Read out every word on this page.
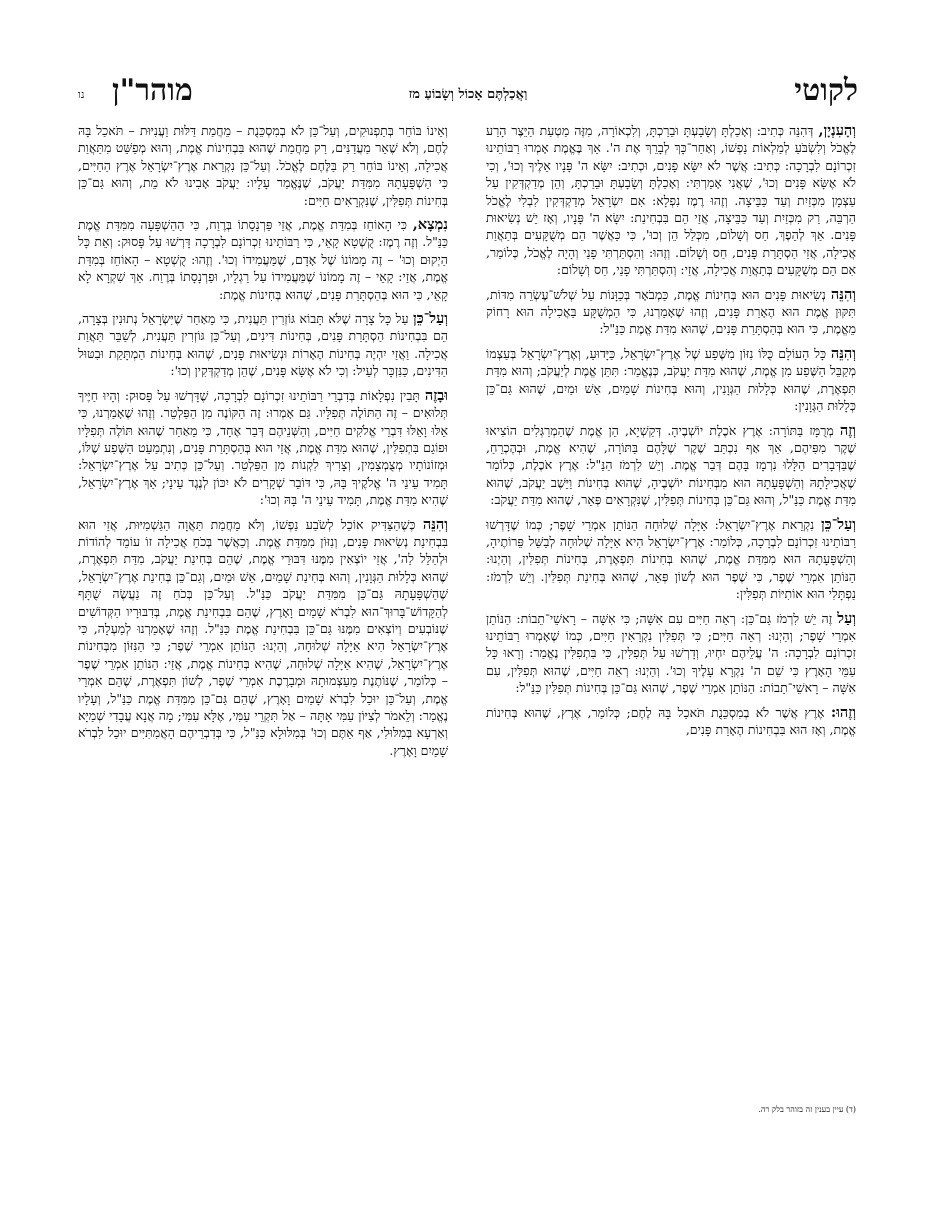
לקוטי
וַאֲכַלְתֶּם אָכוֹל וְשָׂבוֹעַ מז
מוהר"ן
נו

וְהָעִנְיָן, דְּהִנֵּה כְּתִיב: וְאָכַלְתָּ וְשָׂבָעְתָּ וּבֵרַכְתָּ, וְלִכְאוֹרָה, מִזֶּה מַטְעַת הַיֵּצֶר הָרַע לֶאֱכֹל וְלִשְׂבֹּעַ לְמַלְאוֹת נַפְשׁוֹ, וְאַחַר־כָּךְ לְבָרֵךְ אֶת ה'. אַךְ בֶּאֱמֶת אָמְרוּ רַבּוֹתֵינוּ זִכְרוֹנָם לִבְרָכָה: כְּתִיב: אֲשֶׁר לֹא יִשָּׂא פָנִים, וּכְתִיב: יִשָּׂא ה' פָּנָיו אֵלֶיךָ וְכוּ', וְכִי לֹא אֶשָּׂא פָּנִים וְכוּ', שֶׁאֲנִי אָמַרְתִּי: וְאָכַלְתָּ וְשָׂבָעְתָּ וּבֵרַכְתָּ, וְהֵן מְדַקְדְּקִין עַל עַצְמָן מִכְּזַיִת וְעַד כַּבֵּיצָה. וְזֶהוּ רֶמֶז נִפְלָא: אִם יִשְׂרָאֵל מְדַקְדְּקִין לִבְלִי לֶאֱכֹל הַרְבֵּה, רַק מִכְּזַיִת וְעַד כַּבֵּיצָה, אֲזַי הֵם בִּבְחִינַת: יִשָּׂא ה' פָּנָיו, וְאָז יֵשׁ נְשִׂיאוּת פָּנִים. אַךְ לְהֵפֶךְ, חַס וְשָׁלוֹם, מִכְּלַל הֵן וְכוּ', כִּי כַּאֲשֶׁר הֵם מְשֻׁקָּעִים בְּתַאֲוַת אֲכִילָה, אֲזַי הַסְתָּרַת פָּנִים, חַס וְשָׁלוֹם. וְזֶהוּ: וְהִסְתַּרְתִּי פָנַי וְהָיָה לֶאֱכֹל, כְּלוֹמַר, אִם הֵם מְשֻׁקָּעִים בְּתַאֲוַת אֲכִילָה, אֲזַי: וְהִסְתַּרְתִּי פָנַי, חַס וְשָׁלוֹם:

וְהִנֵּה נְשִׂיאוּת פָּנִים הוּא בְּחִינוֹת אֱמֶת, כַּמְבֹאָר בְּכַוָּנוֹת עַל שְׁלֹשׁ־עֶשְׂרֵה מִדּוֹת, תִּקּוּן אֱמֶת הוּא הֶאָרַת פָּנִים, וְזֶהוּ שֶׁאָמַרְנוּ, כִּי הַמְשֻׁקָּע בַּאֲכִילָה הוּא רָחוֹק מֵאֱמֶת, כִּי הוּא בְּהַסְתָּרַת פָּנִים, שֶׁהוּא מִדַּת אֱמֶת כַּנַּ"ל:

וְהִנֵּה כָּל הָעוֹלָם כֻּלּוֹ נִזּוֹן מִשֶּׁפַע שֶׁל אֶרֶץ־יִשְׂרָאֵל, כַּיָּדוּעַ, וְאֶרֶץ־יִשְׂרָאֵל בְּעַצְמוֹ מְקַבֵּל הַשֶּׁפַע מִן אֱמֶת, שֶׁהוּא מִדַּת יַעֲקֹב, כְּנֶאֱמַר: תִּתֵּן אֱמֶת לְיַעֲקֹב; וְהוּא מִדַּת תִּפְאֶרֶת, שֶׁהוּא כְּלָלוּת הַגְּוָנִין, וְהוּא בְּחִינוֹת שָׁמַיִם, אֵשׁ וּמַיִם, שֶׁהוּא גַּם־כֵּן כְּלָלוּת הַגְּוָנִין:

וְזֶה מְרֻמָּז בַּתּוֹרָה: אֶרֶץ אֹכֶלֶת יוֹשְׁבֶיהָ. דְּקַשְׁיָא, הֵן אֱמֶת שֶׁהַמְרַגְּלִים הוֹצִיאוּ שֶׁקֶר מִפִּיהֶם, אַךְ אַף נִכְתַּב שֶׁקֶר שֶׁלָּהֶם בַּתּוֹרָה, שֶׁהִיא אֱמֶת, וּבְהֶכְרֵחַ, שֶׁבַּדְּבָרִים הַלָּלוּ נִרְמָז בָּהֶם דְּבַר אֱמֶת. וְיֵשׁ לִרְמֹז הַנַּ"ל: אֶרֶץ אֹכֶלֶת, כְּלוֹמַר שֶׁאֲכִילָתָהּ וְהַשְׁפָּעָתָהּ הוּא מִבְּחִינוֹת יוֹשְׁבֶיהָ, שֶׁהוּא בְּחִינוֹת וַיֵּשֶׁב יַעֲקֹב, שֶׁהוּא מִדַּת אֱמֶת כַּנַּ"ל, וְהוּא גַּם־כֵּן בְּחִינוֹת תְּפִלִּין, שֶׁנִּקְרָאִים פְּאֵר, שֶׁהוּא מִדַּת יַעֲקֹב:

וְעַל־כֵּן נִקְרֵאת אֶרֶץ־יִשְׂרָאֵל: אַיָּלָה שְׁלוּחָה הַנּוֹתֵן אִמְרֵי שָׁפֶר; כְּמוֹ שֶׁדָּרְשׁוּ רַבּוֹתֵינוּ זִכְרוֹנָם לִבְרָכָה, כְּלוֹמַר: אֶרֶץ־יִשְׂרָאֵל הִיא אַיָּלָה שְׁלוּחָה לְבַשֵּׁל פֵּרוֹתֶיהָ, וְהַשְׁפָּעָתָהּ הוּא מִמִּדַּת אֱמֶת, שֶׁהוּא בְּחִינוֹת תִּפְאֶרֶת, בְּחִינוֹת תְּפִלִּין, וְהַיְנוּ: הַנּוֹתֵן אִמְרֵי שֶׁפֶר, כִּי שֶׁפֶר הוּא לְשׁוֹן פְּאֵר, שֶׁהוּא בְּחִינַת תְּפִלִּין. וְיֵשׁ לִרְמֹז: נַפְתָּלִי הוּא אוֹתִיּוֹת תְּפִלִּין:

וְעַל זֶה יֵשׁ לִרְמֹז גַּם־כֵּן: רְאֵה חַיִּים עִם אִשָּׁה; כִּי אִשָּׁה – רָאשֵׁי־תֵבוֹת: הַנּוֹתֵן אִמְרֵי שָׁפֶר; וְהַיְנוּ: רְאֵה חַיִּים; כִּי תְּפִלִּין נִקְרָאִין חַיִּים, כְּמוֹ שֶׁאָמְרוּ רַבּוֹתֵינוּ זִכְרוֹנָם לִבְרָכָה: ה' עֲלֵיהֶם יִחְיוּ, וְדָרְשׁוּ עַל תְּפִלִּין, כִּי בִּתְפִלִּין נֶאֱמַר: וְרָאוּ כָּל עַמֵּי הָאָרֶץ כִּי שֵׁם ה' נִקְרָא עָלֶיךָ וְכוּ'. וְהַיְנוּ: רְאֵה חַיִּים, שֶׁהוּא תְּפִלִּין, עִם אִשָּׁה – רָאשֵׁי־תֵבוֹת: הַנּוֹתֵן אִמְרֵי שֶׁפֶר, שֶׁהוּא גַּם־כֵּן בְּחִינוֹת תְּפִלִּין כַּנַּ"ל:

וְזֶהוּ: אֶרֶץ אֲשֶׁר לֹא בְמִסְכֵּנֻת תֹּאכַל בָּהּ לֶחֶם; כְּלוֹמַר, אֶרֶץ, שֶׁהוּא בְּחִינוֹת אֱמֶת, וְאָז הוּא בִּבְחִינוֹת הֶאָרַת פָּנִים,

וְאֵינוֹ בּוֹחֵר בְּתַפְנוּקִים, וְעַל־כֵּן לֹא בְמִסְכֵּנֻת – מֵחֲמַת דַּלּוּת וַעֲנִיּוּת – תֹּאכַל בָּהּ לֶחֶם, וְלֹא שֶׁאֵר מַעֲדַנִּים, רַק מֵחֲמַת שֶׁהוּא בִּבְחִינוֹת אֱמֶת, וְהוּא מְפַשֵּׁט מִתַּאֲוַת אֲכִילָה, וְאֵינוֹ בּוֹחֵר רַק בַּלֶּחֶם לֶאֱכֹל. וְעַל־כֵּן נִקְרֵאת אֶרֶץ־יִשְׂרָאֵל אֶרֶץ הַחַיִּים, כִּי הַשְׁפָּעָתָהּ מִמִּדַּת יַעֲקֹב, שֶׁנֶּאֱמַר עָלָיו: יַעֲקֹב אָבִינוּ לֹא מֵת, וְהוּא גַּם־כֵּן בְּחִינוֹת תְּפִלִּין, שֶׁנִּקְרָאִים חַיִּים:

נִמְצָא, כִּי הָאוֹחֵז בְּמִדַּת אֱמֶת, אֲזַי פַּרְנָסָתוֹ בְּרֶוַח, כִּי הַהַשְׁפָּעָה מִמִּדַּת אֱמֶת כַּנַּ"ל. וְזֶה רֶמֶז: קֻשְׁטָא קָאֵי, כִּי רַבּוֹתֵינוּ זִכְרוֹנָם לִבְרָכָה דָּרְשׁוּ עַל פָּסוּק: וְאֵת כָּל הַיְקוּם וְכוּ' – זֶה מָמוֹנוֹ שֶׁל אָדָם, שֶׁמַּעֲמִידוֹ וְכוּ'. וְזֶהוּ: קֻשְׁטָא – הָאוֹחֵז בְּמִדַּת אֱמֶת, אֲזַי: קָאֵי – זֶה מָמוֹנוֹ שֶׁמַּעֲמִידוֹ עַל רַגְלָיו, וּפַרְנָסָתוֹ בְּרֶוַח. אַךְ שִׁקְרָא לָא קָאֵי, כִּי הוּא בְּהַסְתָּרַת פָּנִים, שֶׁהוּא בְּחִינוֹת אֱמֶת:

וְעַל־כֵּן עַל כָּל צָרָה שֶׁלֹּא תָּבוֹא גּוֹזְרִין תַּעֲנִית, כִּי מֵאַחַר שֶׁיִּשְׂרָאֵל נְתוּנִין בְּצָרָה, הֵם בִּבְחִינוֹת הַסְתָּרַת פָּנִים, בְּחִינוֹת דִּינִים, וְעַל־כֵּן גּוֹזְרִין תַּעֲנִית, לְשַׁבֵּר תַּאֲוַת אֲכִילָה. וַאֲזַי יִהְיֶה בְּחִינוֹת הֶאָרוֹת וּנְשִׂיאוּת פָּנִים, שֶׁהוּא בְּחִינוֹת הַמְתָּקַת וּבִטּוּל הַדִּינִים, כַּנִּזְכָּר לְעֵיל: וְכִי לֹא אֶשָּׂא פָּנִים, שֶׁהֵן מְדַקְדְּקִין וְכוּ':

וּבָזֶה תָּבִין נִפְלָאוֹת בְּדִבְרֵי רַבּוֹתֵינוּ זִכְרוֹנָם לִבְרָכָה, שֶׁדָּרְשׁוּ עַל פָּסוּק: וְהָיוּ חַיֶּיךָ תְּלוּאִים – זֶה הַתּוֹלֶה תְּפִלָּיו. גַּם אָמְרוּ: זֶה הַקּוֹנֶה מִן הַפַּלְטֵר. וְזֶהוּ שֶׁאָמַרְנוּ, כִּי אֵלּוּ וָאֵלּוּ דִּבְרֵי אֱלֹקִים חַיִּים, וְהַשְּׁנֵיהֶם דְּבַר אֶחָד, כִּי מֵאַחַר שֶׁהוּא תּוֹלֶה תְּפִלָּיו וּפוֹגֵם בִּתְפִלִּין, שֶׁהוּא מִדַּת אֱמֶת, אֲזַי הוּא בְּהַסְתָּרַת פָּנִים, וְנִתְמַעֵט הַשֶּׁפַע שֶׁלּוֹ, וּמְזוֹנוֹתָיו מְצֻמְצָמִין, וְצָרִיךְ לִקְנוֹת מִן הַפַּלְטֵר. וְעַל־כֵּן כְּתִיב עַל אֶרֶץ־יִשְׂרָאֵל: תָּמִיד עֵינֵי ה' אֱלֹקֶיךָ בָּהּ, כִּי דּוֹבֵר שְׁקָרִים לֹא יִכּוֹן לְנֶגֶד עֵינָי; אַךְ אֶרֶץ־יִשְׂרָאֵל, שֶׁהִיא מִדַּת אֱמֶת, תָּמִיד עֵינֵי ה' בָּהּ וְכוּ':

וְהִנֵּה כְּשֶׁהַצַּדִּיק אוֹכֵל לְשֹׂבַע נַפְשׁוֹ, וְלֹא מֵחֲמַת תַּאֲוָה הַגַּשְׁמִיּוּת, אֲזַי הוּא בִּבְחִינַת נְשִׂיאוּת פָּנִים, וְנִזּוֹן מִמִּדַּת אֱמֶת. וְכַאֲשֶׁר בְּכֹחַ אֲכִילָה זוֹ עוֹמֵד לְהוֹדוֹת וּלְהַלֵּל לַה', אֲזַי יוֹצְאִין מִמֶּנּוּ דִּבּוּרֵי אֱמֶת, שֶׁהֵם בְּחִינַת יַעֲקֹב, מִדַּת תִּפְאֶרֶת, שֶׁהוּא כְּלָלוּת הַגְּוָנִין, וְהוּא בְּחִינַת שָׁמַיִם, אֵשׁ וּמַיִם, וְגַם־כֵּן בְּחִינַת אֶרֶץ־יִשְׂרָאֵל, שֶׁהַשְׁפָּעָתָהּ גַּם־כֵּן מִמִּדַּת יַעֲקֹב כַּנַּ"ל. וְעַל־כֵּן בְּכֹחַ זֶה נַעֲשֶׂה שֻׁתָּף לְהַקָּדוֹשׁ־בָּרוּךְ־הוּא לִבְרֹא שָׁמַיִם וָאָרֶץ, שֶׁהֵם בִּבְחִינַת אֱמֶת, בְּדִבּוּרָיו הַקְּדוֹשִׁים שֶׁנּוֹבְעִים וְיוֹצְאִים מִמֶּנּוּ גַּם־כֵּן בִּבְחִינַת אֱמֶת כַּנַּ"ל. וְזֶהוּ שֶׁאָמַרְנוּ לְמַעְלָה, כִּי אֶרֶץ־יִשְׂרָאֵל הִיא אַיָּלָה שְׁלוּחָה, וְהַיְנוּ: הַנּוֹתֵן אִמְרֵי שֶׁפֶר; כִּי הַנִּזּוֹן מִבְּחִינוֹת אֶרֶץ־יִשְׂרָאֵל, שֶׁהִיא אַיָּלָה שְׁלוּחָה, שֶׁהִיא בְּחִינוֹת אֱמֶת, אֲזַי: הַנּוֹתֵן אִמְרֵי שֶׁפֶר – כְּלוֹמַר, שֶׁנּוֹתֶנֶת מֵעַצְמוּתָהּ וּמְבָרֶכֶת אִמְרֵי שֶׁפֶר, לְשׁוֹן תִּפְאֶרֶת, שֶׁהֵם אִמְרֵי אֱמֶת, וְעַל־כֵּן יוּכַל לִבְרֹא שָׁמַיִם וָאָרֶץ, שֶׁהֵם גַּם־כֵּן מִמִּדַּת אֱמֶת כַּנַּ"ל, וְעָלָיו נֶאֱמַר: וְלֵאמֹר לְצִיּוֹן עַמִּי אָתָּה – אַל תִּקְרֵי עַמִּי, אֶלָּא עִמִּי; מָה אֲנָא עֲבָדִי שְׁמַיָּא וְאַרְעָא בְּמִלּוּלִי, אַף אַתֶּם וְכוּ' בְּמִלּוּלָא כַּנַּ"ל, כִּי בְּדִבְרֵיהֶם הָאֲמִתִּיִּים יוּכַל לִבְרֹא שָׁמַיִם וָאָרֶץ.

(ד) עיין בענין זה בזוהר בלק רה.
